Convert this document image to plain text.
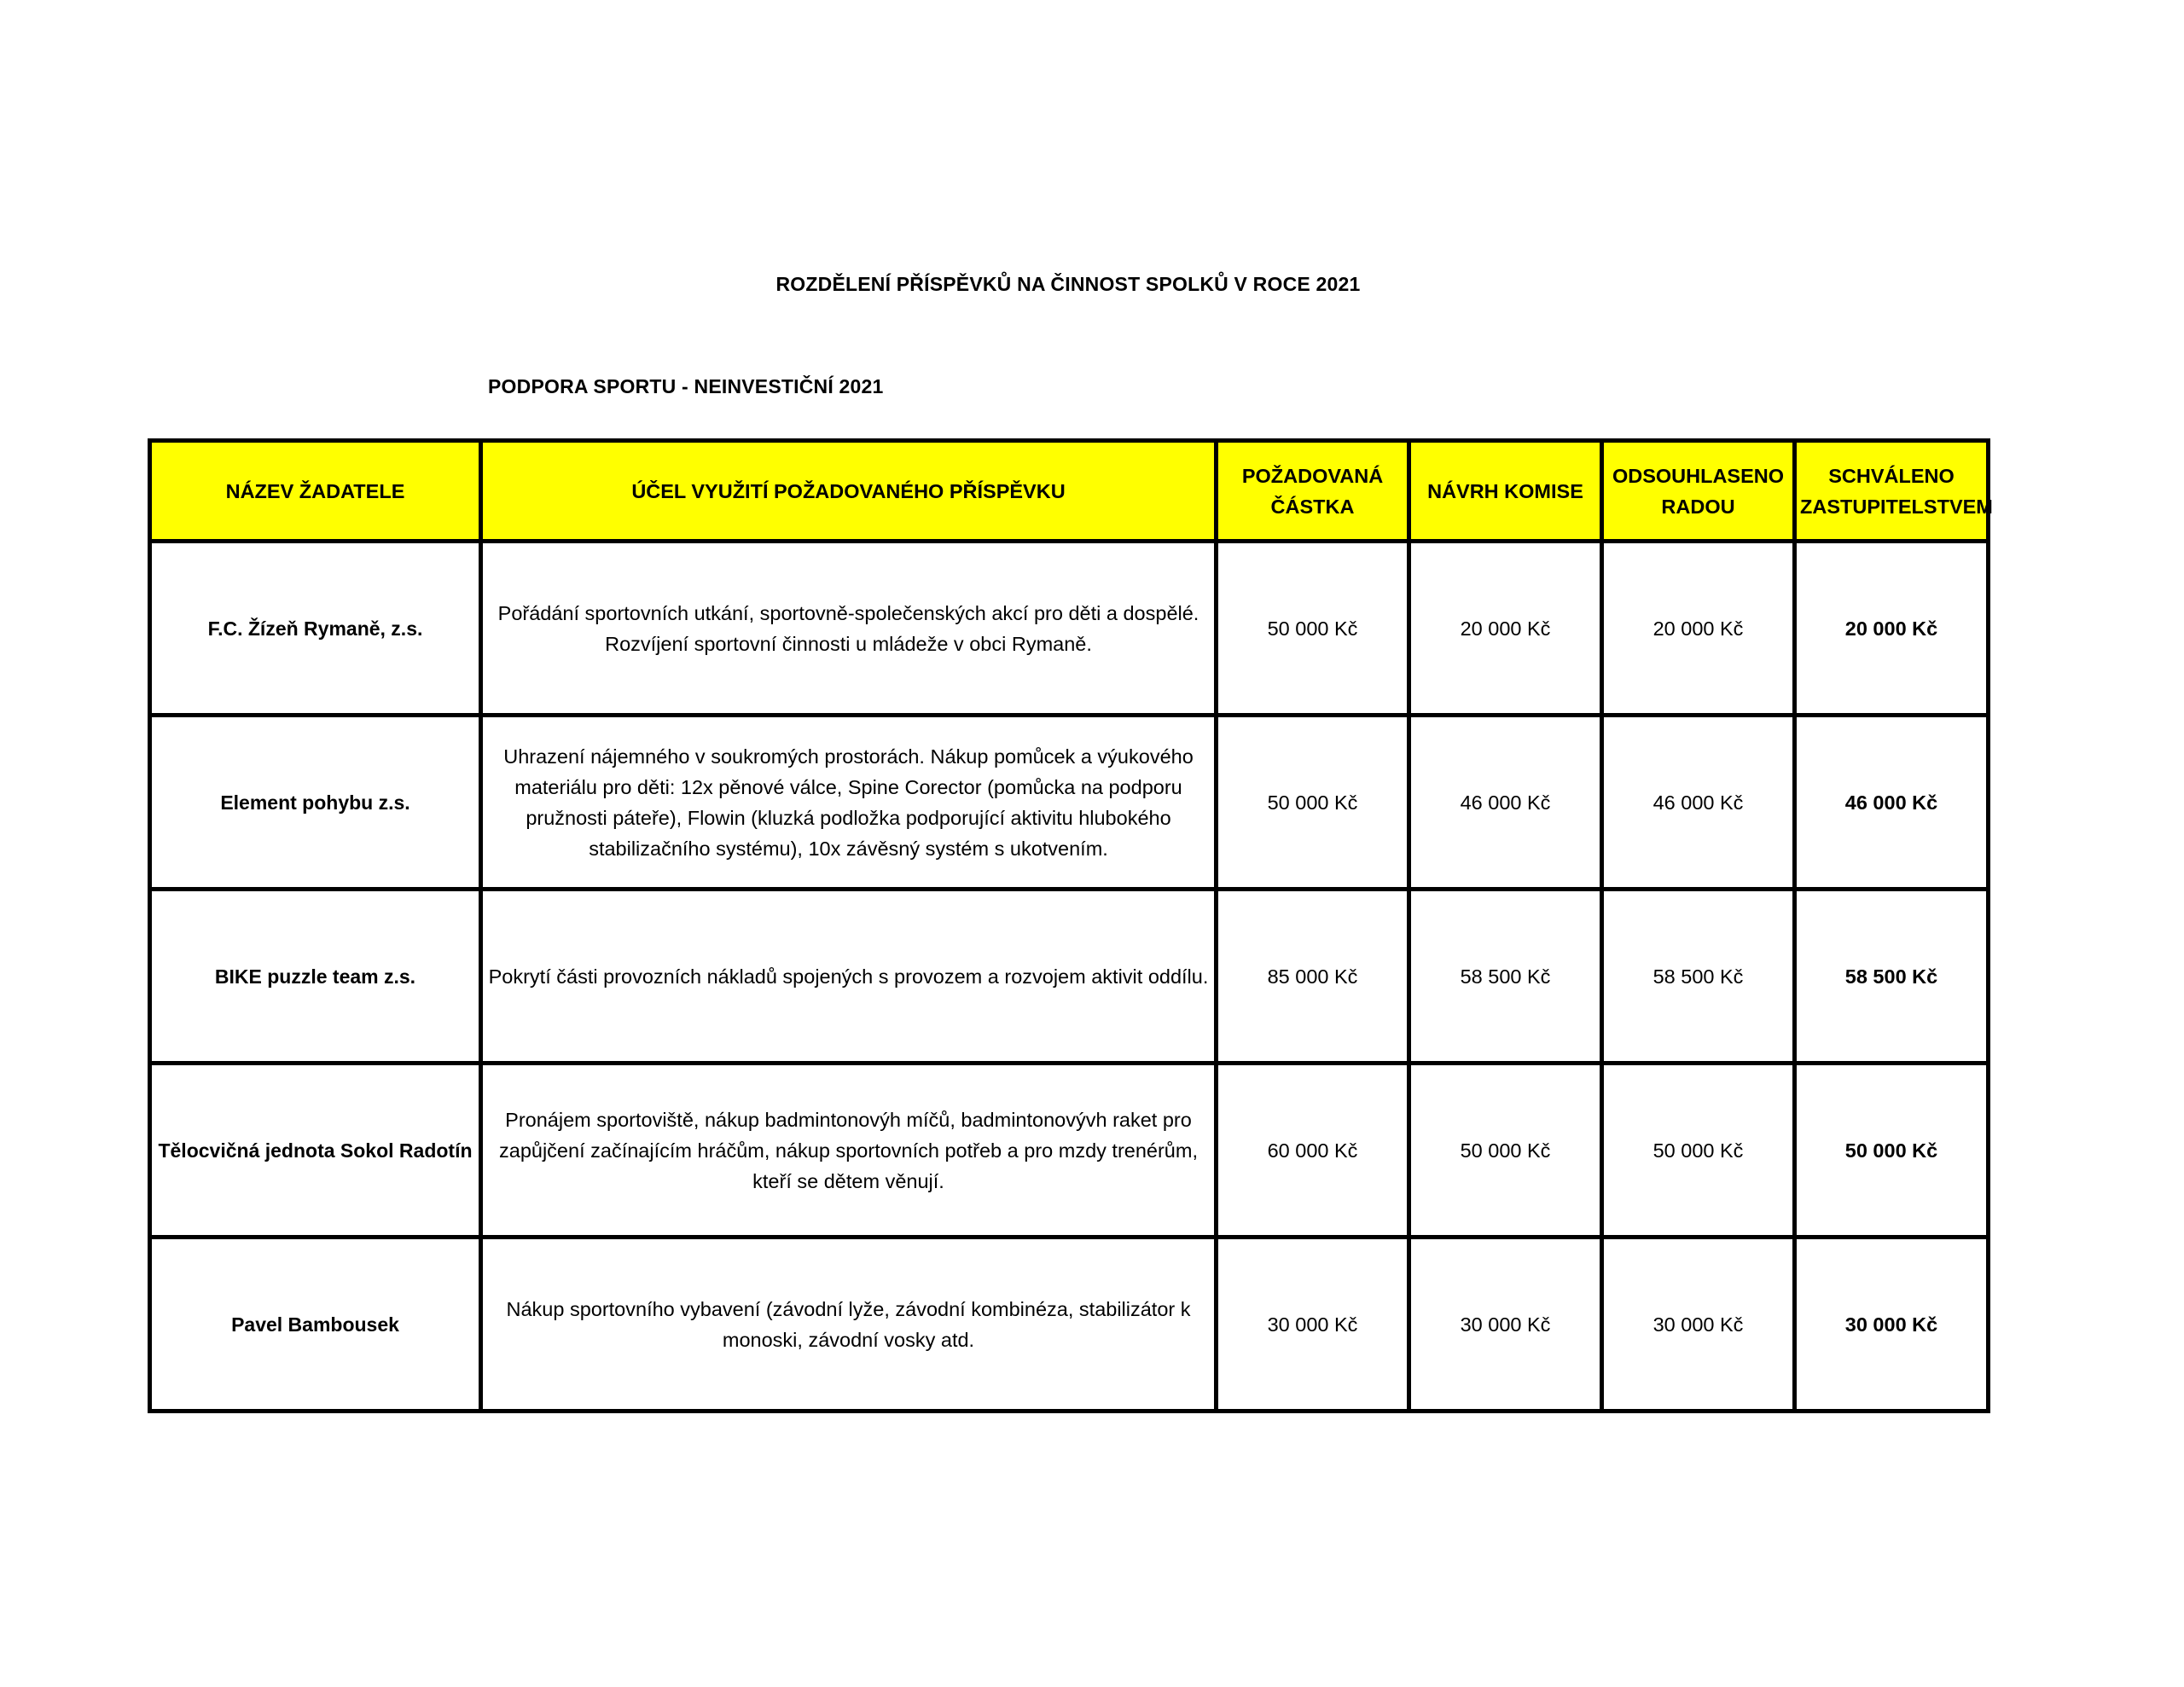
ROZDĚLENÍ PŘÍSPĚVKŮ NA ČINNOST SPOLKŮ V ROCE 2021
PODPORA SPORTU - NEINVESTIČNÍ 2021
NÁZEV ŽADATELE	ÚČEL VYUŽITÍ POŽADOVANÉHO PŘÍSPĚVKU	POŽADOVANÁ ČÁSTKA	NÁVRH KOMISE	ODSOUHLASENO RADOU	SCHVÁLENO ZASTUPITELSTVEM
F.C. Žízeň Rymaně, z.s.	Pořádání sportovních utkání, sportovně-společenských akcí pro děti a dospělé. Rozvíjení sportovní činnosti u mládeže v obci Rymaně.	50 000 Kč	20 000 Kč	20 000 Kč	20 000 Kč
Element pohybu z.s.	Uhrazení nájemného v soukromých prostorách. Nákup pomůcek a výukového materiálu pro děti: 12x pěnové válce, Spine Corector (pomůcka na podporu pružnosti páteře), Flowin (kluzká podložka podporující aktivitu hlubokého stabilizačního systému), 10x závěsný systém s ukotvením.	50 000 Kč	46 000 Kč	46 000 Kč	46 000 Kč
BIKE puzzle team z.s.	Pokrytí části provozních nákladů spojených s provozem a rozvojem aktivit oddílu.	85 000 Kč	58 500 Kč	58 500 Kč	58 500 Kč
Tělocvičná jednota Sokol Radotín	Pronájem sportoviště, nákup badmintonovýh míčů, badmintonovývh raket pro zapůjčení začínajícím hráčům, nákup sportovních potřeb a pro mzdy trenérům, kteří se dětem věnují.	60 000 Kč	50 000 Kč	50 000 Kč	50 000 Kč
Pavel Bambousek	Nákup sportovního vybavení (závodní lyže, závodní kombinéza, stabilizátor k monoski, závodní vosky atd.	30 000 Kč	30 000 Kč	30 000 Kč	30 000 Kč
